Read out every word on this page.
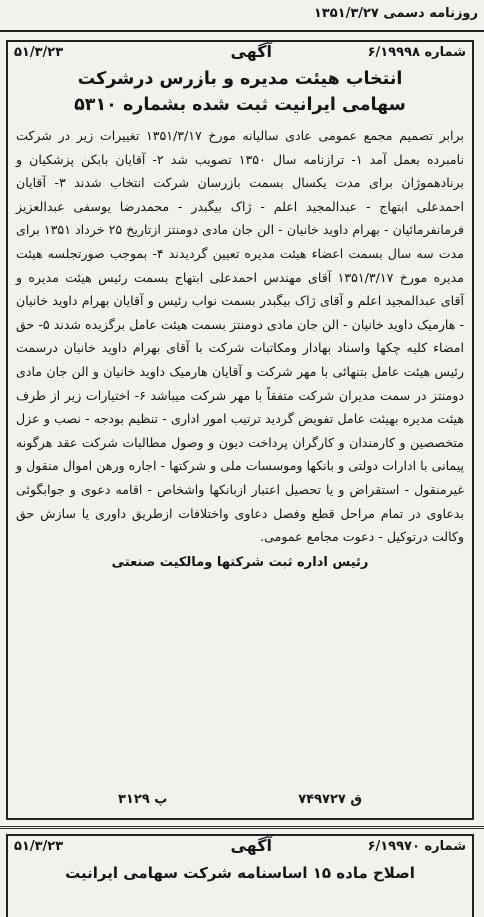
روزنامه دسمی ۱۳۵۱/۳/۲۷
شماره ۶/۱۹۹۹۸
آگهی
۵۱/۳/۲۳
انتخاب هیئت مدیره و بازرس درشرکت
سهامی ایرانیت ثبت شده بشماره ۵۳۱۰
برابر تصمیم مجمع عمومی عادی سالیانه مورخ ۱۳۵۱/۳/۱۷ تغییرات زیر در شرکت نامبرده بعمل آمد ۱- ترازنامه سال ۱۳۵۰ تصویب شد ۲- آقایان بابکن پزشکیان و برنادهموژان برای مدت یکسال بسمت بازرسان شرکت انتخاب شدند ۳- آقایان احمدعلی ابتهاج - عبدالمجید اعلم - ژاک بیگبدر - محمدرضا یوسفی عبدالعزیز فرمانفرمائیان - بهرام داوید خانیان - الن جان مادی دومنتز ازتاریخ ۲۵ خرداد ۱۳۵۱ برای مدت سه سال بسمت اعضاء هیئت مدیره تعیین گردیدند ۴- بموجب صورتجلسه هیئت مدیره مورخ ۱۳۵۱/۳/۱۷ آقای مهندس احمدعلی ابتهاج بسمت رئیس هیئت مدیره و آقای عبدالمجید اعلم و آقای ژاک بیگبدر بسمت نواب رئیس و آقایان بهرام داوید خانیان - هارمیک داوید خانیان - الن جان مادی دومنتز بسمت هیئت عامل برگزیده شدند ۵- حق امضاء کلیه چکها واسناد بهادار ومکاتبات شرکت با آقای بهرام داوید خانیان درسمت رئیس هیئت عامل بتنهائی با مهر شرکت و آقایان هارمیک داوید خانیان و الن جان مادی دومنتز در سمت مدیران شرکت متفقاً با مهر شرکت میباشد ۶- اختیارات زیر از طرف هیئت مدیره بهیئت عامل تفویض گردید ترتیب امور اداری - تنظیم بودجه - نصب و عزل متخصصین و کارمندان و کارگران پرداخت دیون و وصول مطالبات شرکت عقد هرگونه پیمانی با ادارات دولتی و بانکها وموسسات ملی و شرکتها - اجاره ورهن اموال منقول و غیرمنقول - استقراض و یا تحصیل اعتبار ازبانکها واشخاص - اقامه دعوی و جوابگوئی بدعاوی در تمام مراحل قطع وفصل دعاوی واختلافات ازطریق داوری یا سازش حق وکالت درتوکیل - دعوت مجامع عمومی.
رئیس اداره ثبت شرکتها ومالکیت صنعتی
۷۴۹۷۲۷ ق
۳۱۲۹ پ
شماره ۶/۱۹۹۷۰
آگهی
۵۱/۳/۲۳
اصلاح ماده ۱۵ اساسنامه شرکت سهامی ایرانیت
